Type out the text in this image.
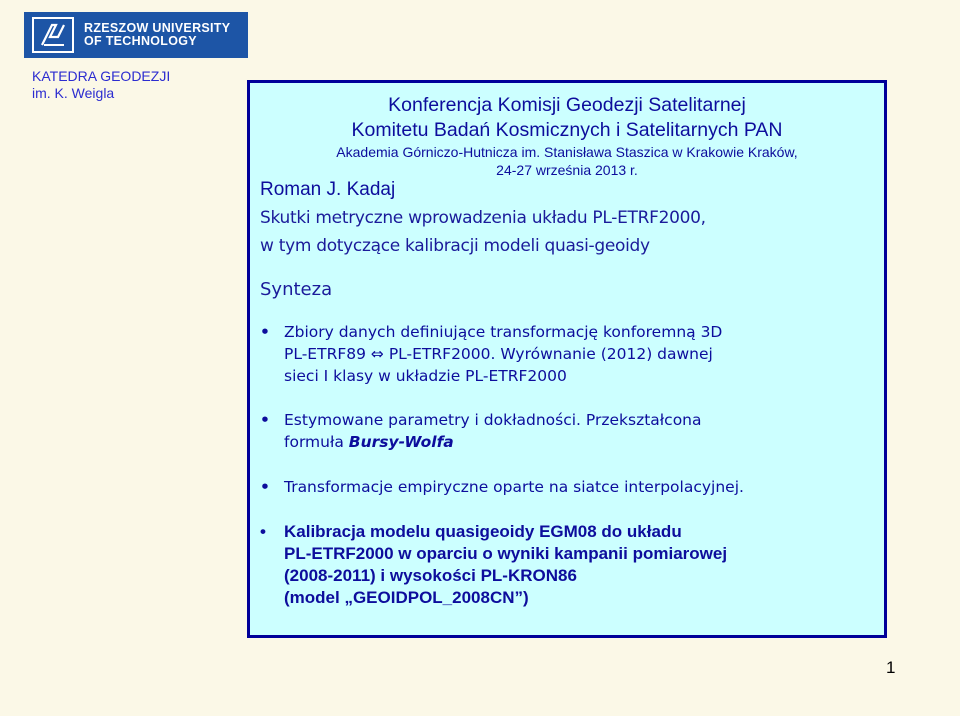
RZESZOW UNIVERSITY
OF TECHNOLOGY
KATEDRA GEODEZJI
im. K. Weigla
Konferencja Komisji Geodezji Satelitarnej
Komitetu Badań Kosmicznych i Satelitarnych PAN
Akademia Górniczo-Hutnicza im. Stanisława Staszica w Krakowie Kraków,
24-27 września 2013 r.
Roman J. Kadaj
Skutki metryczne wprowadzenia układu PL-ETRF2000,
w tym dotyczące kalibracji modeli quasi-geoidy
Synteza
• Zbiory danych definiujące transformację konforemną 3D
PL-ETRF89 ⇔ PL-ETRF2000. Wyrównanie (2012) dawnej
sieci I klasy w układzie PL-ETRF2000
• Estymowane parametry i dokładności. Przekształcona
formuła Bursy-Wolfa
• Transformacje empiryczne oparte na siatce interpolacyjnej.
•	Kalibracja modelu quasigeoidy EGM08 do układu
PL-ETRF2000 w oparciu o wyniki kampanii pomiarowej
(2008-2011) i wysokości PL-KRON86
(model „GEOIDPOL_2008CN”)
1
